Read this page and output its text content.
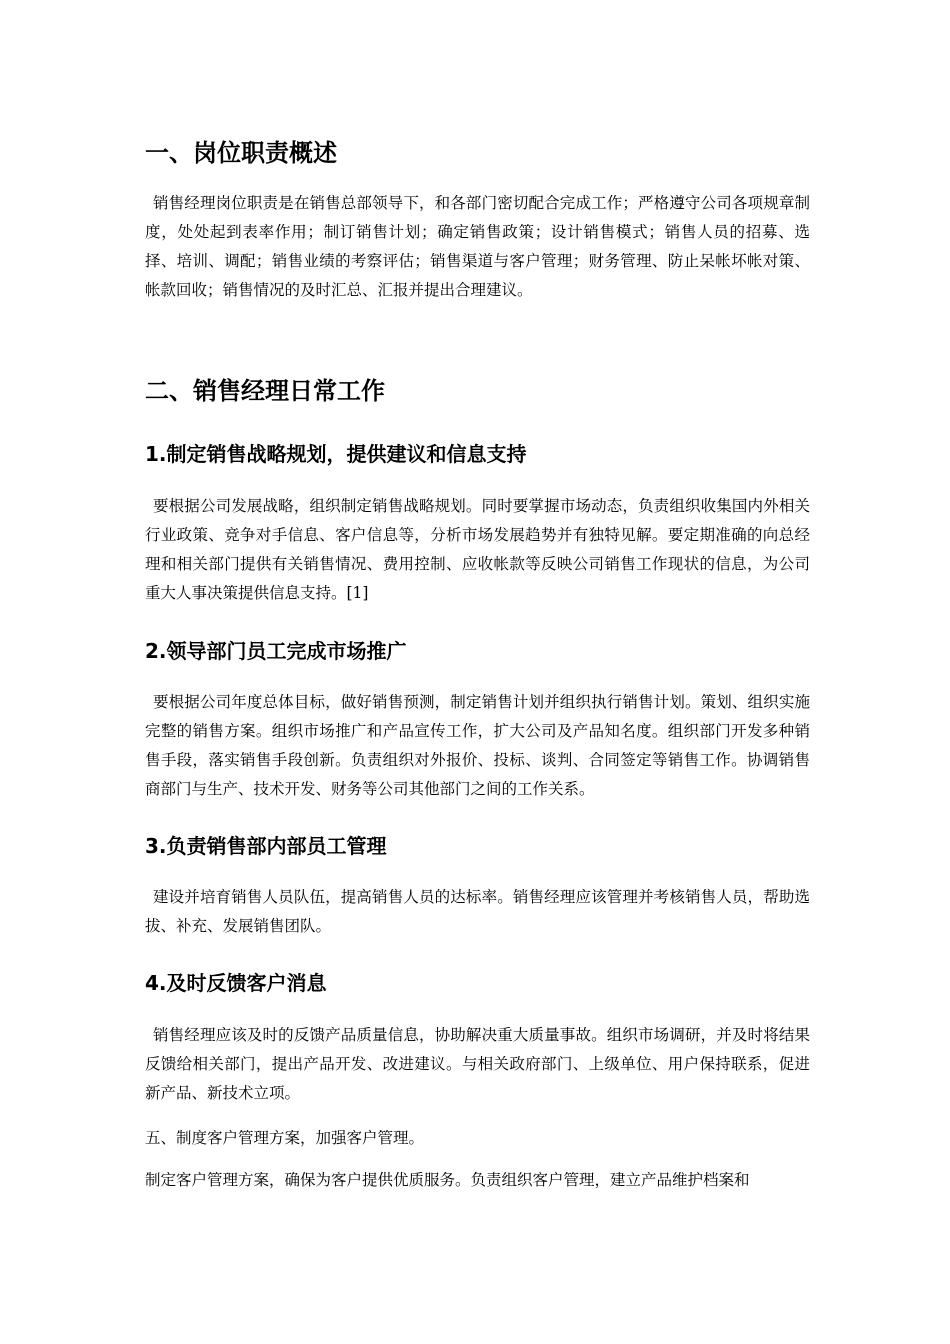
一、岗位职责概述

销售经理岗位职责是在销售总部领导下，和各部门密切配合完成工作；严格遵守公司各项规章制度，处处起到表率作用；制订销售计划；确定销售政策；设计销售模式；销售人员的招募、选择、培训、调配；销售业绩的考察评估；销售渠道与客户管理；财务管理、防止呆帐坏帐对策、帐款回收；销售情况的及时汇总、汇报并提出合理建议。

二、销售经理日常工作
1.制定销售战略规划，提供建议和信息支持

要根据公司发展战略，组织制定销售战略规划。同时要掌握市场动态，负责组织收集国内外相关行业政策、竞争对手信息、客户信息等，分析市场发展趋势并有独特见解。要定期准确的向总经理和相关部门提供有关销售情况、费用控制、应收帐款等反映公司销售工作现状的信息，为公司重大人事决策提供信息支持。[1]

2.领导部门员工完成市场推广

要根据公司年度总体目标，做好销售预测，制定销售计划并组织执行销售计划。策划、组织实施完整的销售方案。组织市场推广和产品宣传工作，扩大公司及产品知名度。组织部门开发多种销售手段，落实销售手段创新。负责组织对外报价、投标、谈判、合同签定等销售工作。协调销售商部门与生产、技术开发、财务等公司其他部门之间的工作关系。

3.负责销售部内部员工管理

建设并培育销售人员队伍，提高销售人员的达标率。销售经理应该管理并考核销售人员，帮助选拔、补充、发展销售团队。

4.及时反馈客户消息

销售经理应该及时的反馈产品质量信息，协助解决重大质量事故。组织市场调研，并及时将结果反馈给相关部门，提出产品开发、改进建议。与相关政府部门、上级单位、用户保持联系，促进新产品、新技术立项。

五、制度客户管理方案，加强客户管理。

制定客户管理方案，确保为客户提供优质服务。负责组织客户管理，建立产品维护档案和
